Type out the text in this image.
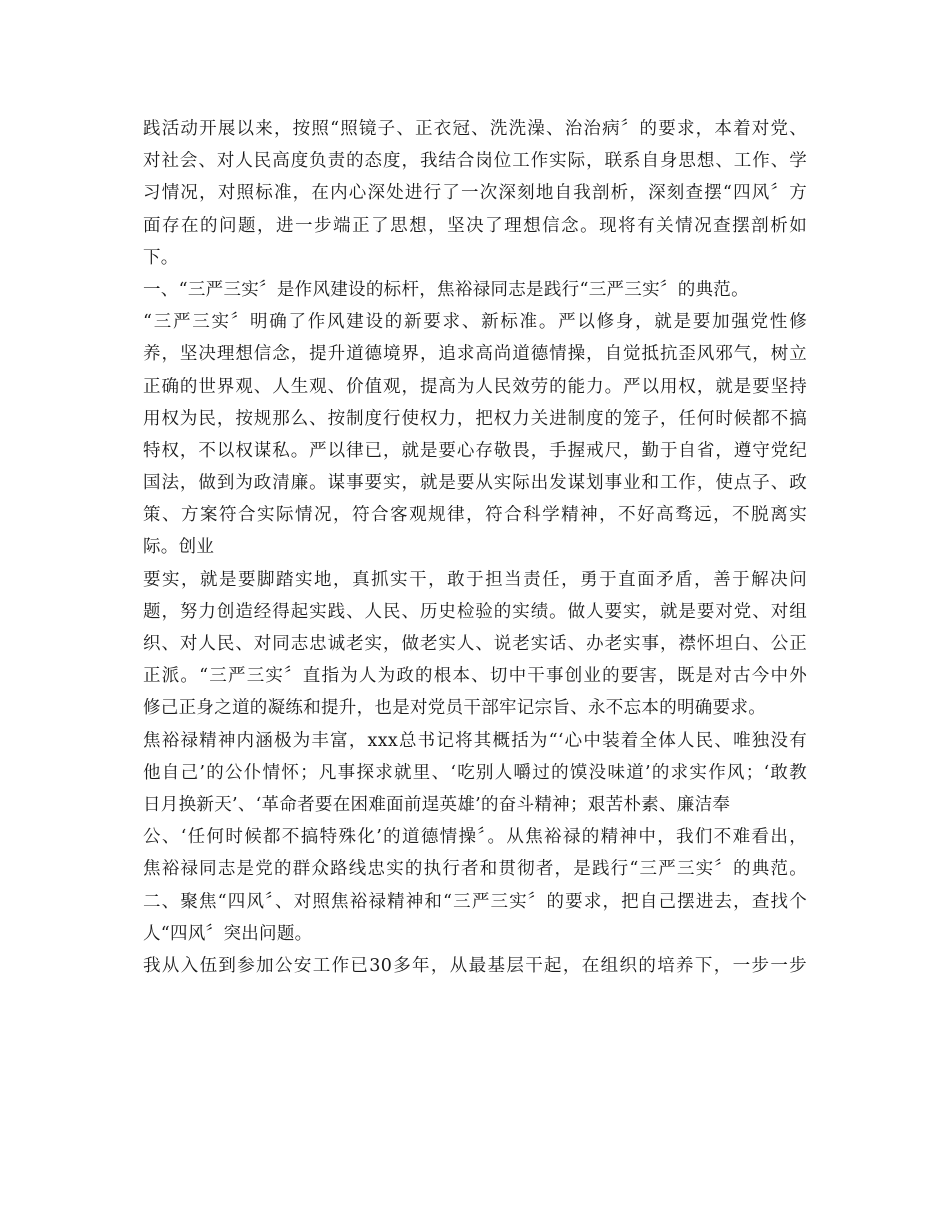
践活动开展以来，按照“照镜子、正衣冠、洗洗澡、治治病〞的要求，本着对党、
对社会、对人民高度负责的态度，我结合岗位工作实际，联系自身思想、工作、学
习情况，对照标准，在内心深处进行了一次深刻地自我剖析，深刻查摆“四风〞方
面存在的问题，进一步端正了思想，坚决了理想信念。现将有关情况查摆剖析如
下。
一、“三严三实〞是作风建设的标杆，焦裕禄同志是践行“三严三实〞的典范。
“三严三实〞明确了作风建设的新要求、新标准。严以修身，就是要加强党性修
养，坚决理想信念，提升道德境界，追求高尚道德情操，自觉抵抗歪风邪气，树立
正确的世界观、人生观、价值观，提高为人民效劳的能力。严以用权，就是要坚持
用权为民，按规那么、按制度行使权力，把权力关进制度的笼子，任何时候都不搞
特权，不以权谋私。严以律已，就是要心存敬畏，手握戒尺，勤于自省，遵守党纪
国法，做到为政清廉。谋事要实，就是要从实际出发谋划事业和工作，使点子、政
策、方案符合实际情况，符合客观规律，符合科学精神，不好高骛远，不脱离实
际。创业
要实，就是要脚踏实地，真抓实干，敢于担当责任，勇于直面矛盾，善于解决问
题，努力创造经得起实践、人民、历史检验的实绩。做人要实，就是要对党、对组
织、对人民、对同志忠诚老实，做老实人、说老实话、办老实事，襟怀坦白、公正
正派。“三严三实〞直指为人为政的根本、切中干事创业的要害，既是对古今中外
修己正身之道的凝练和提升，也是对党员干部牢记宗旨、永不忘本的明确要求。
焦裕禄精神内涵极为丰富，xxx总书记将其概括为“‘心中装着全体人民、唯独没有
他自己’的公仆情怀；凡事探求就里、‘吃别人嚼过的馍没味道’的求实作风；‘敢教
日月换新天’、‘革命者要在困难面前逞英雄’的奋斗精神；艰苦朴素、廉洁奉
公、‘任何时候都不搞特殊化’的道德情操〞。从焦裕禄的精神中，我们不难看出，
焦裕禄同志是党的群众路线忠实的执行者和贯彻者，是践行“三严三实〞的典范。
二、聚焦“四风〞、对照焦裕禄精神和“三严三实〞的要求，把自己摆进去，查找个
人“四风〞突出问题。
我从入伍到参加公安工作已30多年，从最基层干起，在组织的培养下，一步一步
